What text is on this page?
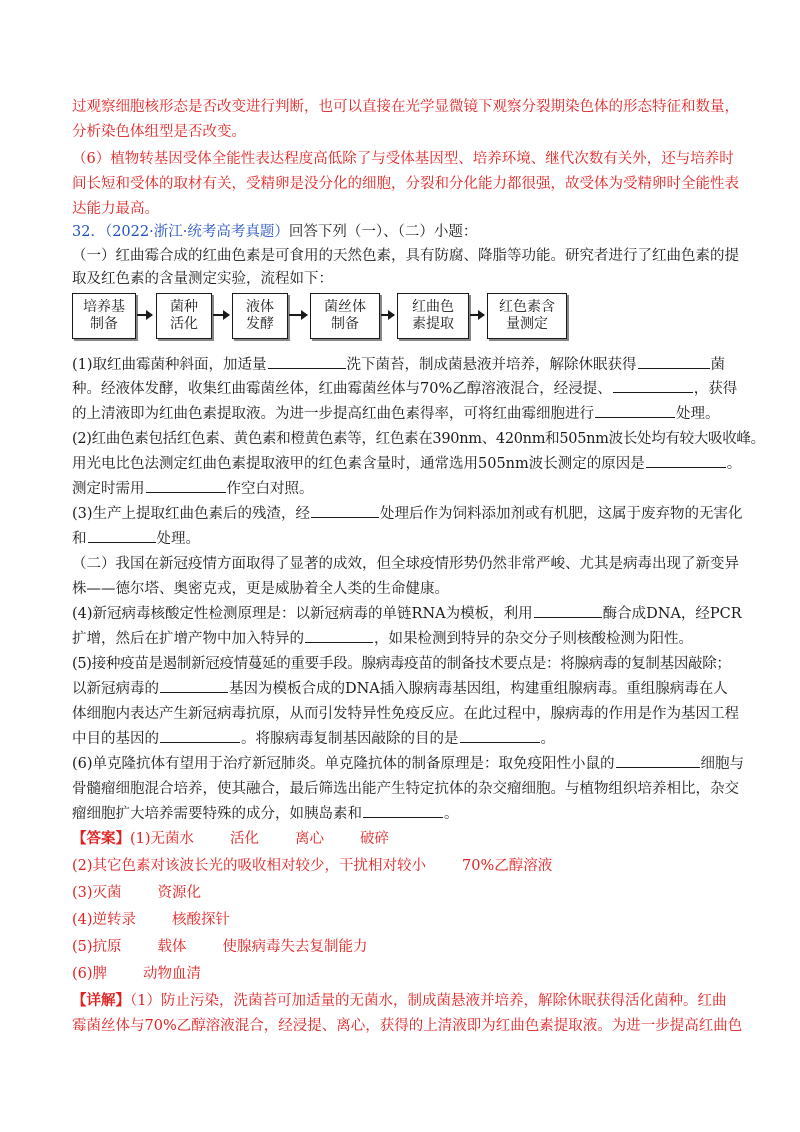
过观察细胞核形态是否改变进行判断，也可以直接在光学显微镜下观察分裂期染色体的形态特征和数量，
分析染色体组型是否改变。
（6）植物转基因受体全能性表达程度高低除了与受体基因型、培养环境、继代次数有关外，还与培养时
间长短和受体的取材有关，受精卵是没分化的细胞，分裂和分化能力都很强，故受体为受精卵时全能性表
达能力最高。
32．（2022·浙江·统考高考真题）回答下列（一）、（二）小题：
（一）红曲霉合成的红曲色素是可食用的天然色素，具有防腐、降脂等功能。研究者进行了红曲色素的提
取及红色素的含量测定实验，流程如下：
培养基
制备
菌种
活化
液体
发酵
菌丝体
制备
红曲色
素提取
红色素含
量测定
(1)取红曲霉菌种斜面，加适量	洗下菌苔，制成菌悬液并培养，解除休眠获得	菌
种。经液体发酵，收集红曲霉菌丝体，红曲霉菌丝体与70%乙醇溶液混合，经浸提、	，获得
的上清液即为红曲色素提取液。为进一步提高红曲色素得率，可将红曲霉细胞进行	处理。
(2)红曲色素包括红色素、黄色素和橙黄色素等，红色素在390nm、420nm和505nm波长处均有较大吸收峰。
用光电比色法测定红曲色素提取液甲的红色素含量时，通常选用505nm波长测定的原因是	。
测定时需用	作空白对照。
(3)生产上提取红曲色素后的残渣，经	处理后作为饲料添加剂或有机肥，这属于废弃物的无害化
和	处理。
（二）我国在新冠疫情方面取得了显著的成效，但全球疫情形势仍然非常严峻、尤其是病毒出现了新变异
株——德尔塔、奥密克戎，更是威胁着全人类的生命健康。
(4)新冠病毒核酸定性检测原理是：以新冠病毒的单链RNA为模板，利用	酶合成DNA，经PCR
扩增，然后在扩增产物中加入特异的	，如果检测到特异的杂交分子则核酸检测为阳性。
(5)接种疫苗是遏制新冠疫情蔓延的重要手段。腺病毒疫苗的制备技术要点是：将腺病毒的复制基因敲除；
以新冠病毒的	基因为模板合成的DNA插入腺病毒基因组，构建重组腺病毒。重组腺病毒在人
体细胞内表达产生新冠病毒抗原，从而引发特异性免疫反应。在此过程中，腺病毒的作用是作为基因工程
中目的基因的	。将腺病毒复制基因敲除的目的是	。
(6)单克隆抗体有望用于治疗新冠肺炎。单克隆抗体的制备原理是：取免疫阳性小鼠的	细胞与
骨髓瘤细胞混合培养，使其融合，最后筛选出能产生特定抗体的杂交瘤细胞。与植物组织培养相比，杂交
瘤细胞扩大培养需要特殊的成分，如胰岛素和	。
【答案】(1)无菌水 活化 离心 破碎
(2)其它色素对该波长光的吸收相对较少，干扰相对较小 70%乙醇溶液
(3)灭菌 资源化
(4)逆转录 核酸探针
(5)抗原 载体 使腺病毒失去复制能力
(6)脾 动物血清
【详解】（1）防止污染，洗菌苔可加适量的无菌水，制成菌悬液并培养，解除休眠获得活化菌种。红曲
霉菌丝体与70%乙醇溶液混合，经浸提、离心，获得的上清液即为红曲色素提取液。为进一步提高红曲色
